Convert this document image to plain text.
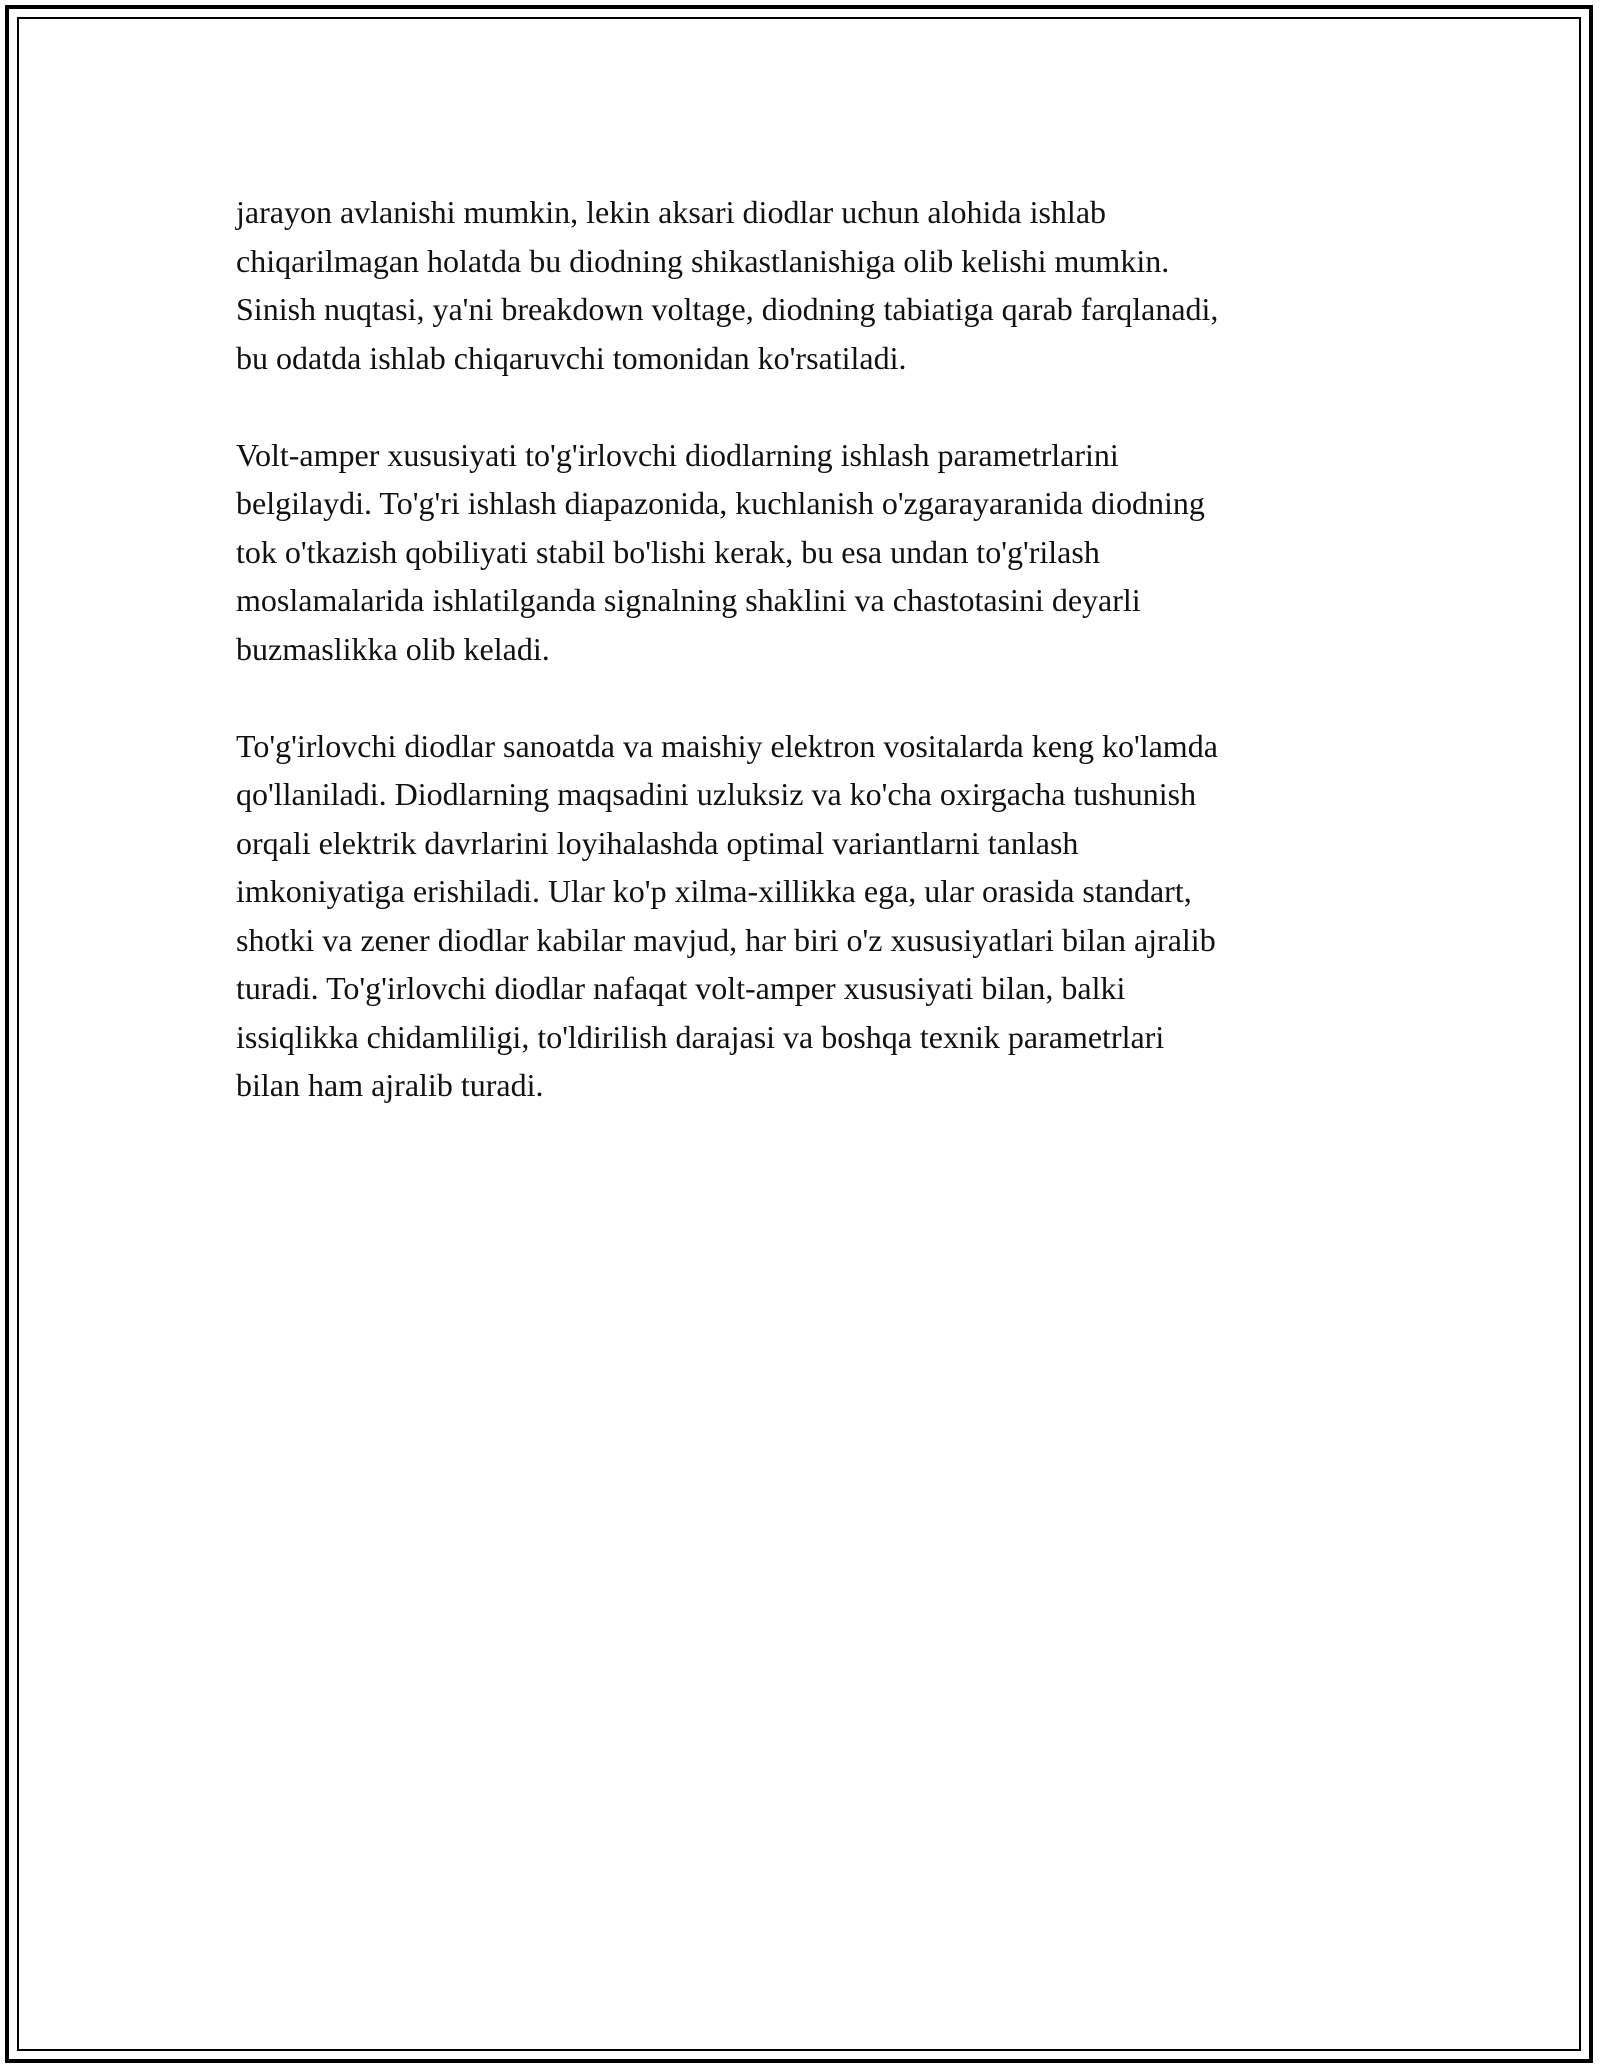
jarayon avlanishi mumkin, lekin aksari diodlar uchun alohida ishlab
chiqarilmagan holatda bu diodning shikastlanishiga olib kelishi mumkin.
Sinish nuqtasi, ya'ni breakdown voltage, diodning tabiatiga qarab farqlanadi,
bu odatda ishlab chiqaruvchi tomonidan ko'rsatiladi.

Volt-amper xususiyati to'g'irlovchi diodlarning ishlash parametrlarini
belgilaydi. To'g'ri ishlash diapazonida, kuchlanish o'zgarayaranida diodning
tok o'tkazish qobiliyati stabil bo'lishi kerak, bu esa undan to'g'rilash
moslamalarida ishlatilganda signalning shaklini va chastotasini deyarli
buzmaslikka olib keladi.

To'g'irlovchi diodlar sanoatda va maishiy elektron vositalarda keng ko'lamda
qo'llaniladi. Diodlarning maqsadini uzluksiz va ko'cha oxirgacha tushunish
orqali elektrik davrlarini loyihalashda optimal variantlarni tanlash
imkoniyatiga erishiladi. Ular ko'p xilma-xillikka ega, ular orasida standart,
shotki va zener diodlar kabilar mavjud, har biri o'z xususiyatlari bilan ajralib
turadi. To'g'irlovchi diodlar nafaqat volt-amper xususiyati bilan, balki
issiqlikka chidamliligi, to'ldirilish darajasi va boshqa texnik parametrlari
bilan ham ajralib turadi.
